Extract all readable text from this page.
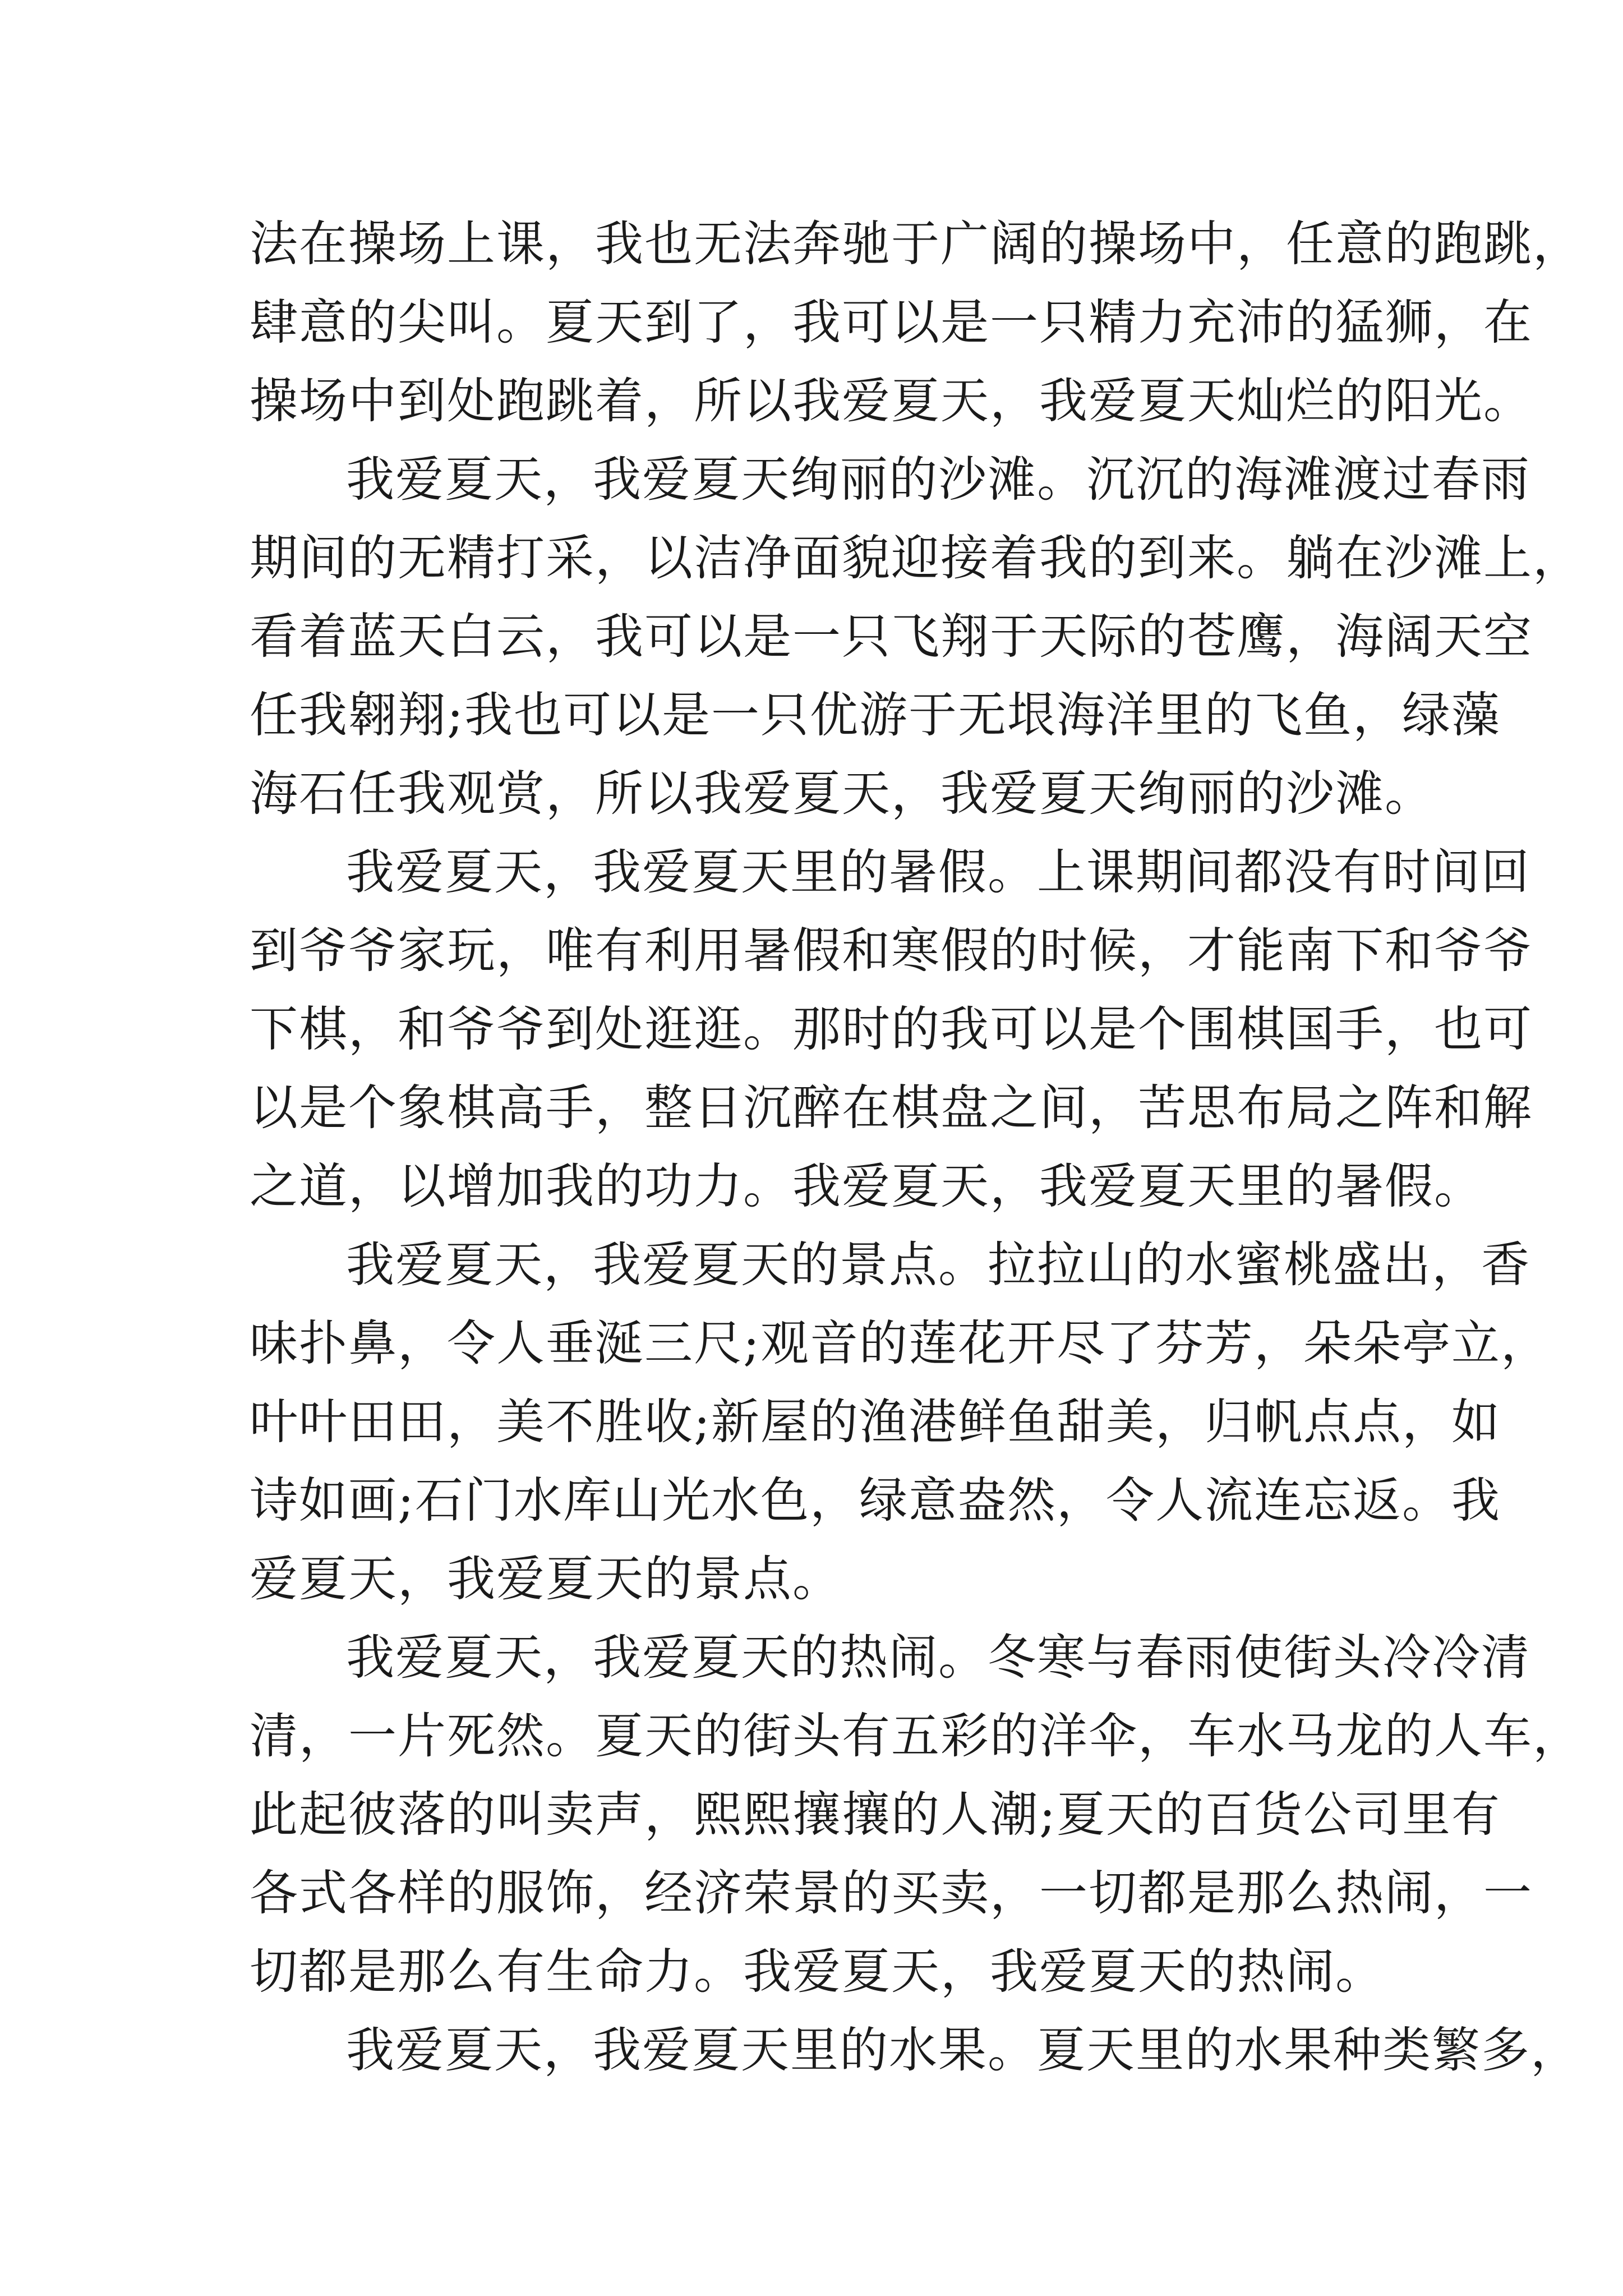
法在操场上课，我也无法奔驰于广阔的操场中，任意的跑跳，
肆意的尖叫。夏天到了，我可以是一只精力充沛的猛狮，在
操场中到处跑跳着，所以我爱夏天，我爱夏天灿烂的阳光。
我爱夏天，我爱夏天绚丽的沙滩。沉沉的海滩渡过春雨
期间的无精打采，以洁净面貌迎接着我的到来。躺在沙滩上，
看着蓝天白云，我可以是一只飞翔于天际的苍鹰，海阔天空
任我翱翔;我也可以是一只优游于无垠海洋里的飞鱼，绿藻
海石任我观赏，所以我爱夏天，我爱夏天绚丽的沙滩。
我爱夏天，我爱夏天里的暑假。上课期间都没有时间回
到爷爷家玩，唯有利用暑假和寒假的时候，才能南下和爷爷
下棋，和爷爷到处逛逛。那时的我可以是个围棋国手，也可
以是个象棋高手，整日沉醉在棋盘之间，苦思布局之阵和解
之道，以增加我的功力。我爱夏天，我爱夏天里的暑假。
我爱夏天，我爱夏天的景点。拉拉山的水蜜桃盛出，香
味扑鼻，令人垂涎三尺;观音的莲花开尽了芬芳，朵朵亭立，
叶叶田田，美不胜收;新屋的渔港鲜鱼甜美，归帆点点，如
诗如画;石门水库山光水色，绿意盎然，令人流连忘返。我
爱夏天，我爱夏天的景点。
我爱夏天，我爱夏天的热闹。冬寒与春雨使街头冷冷清
清，一片死然。夏天的街头有五彩的洋伞，车水马龙的人车，
此起彼落的叫卖声，熙熙攘攘的人潮;夏天的百货公司里有
各式各样的服饰，经济荣景的买卖，一切都是那么热闹，一
切都是那么有生命力。我爱夏天，我爱夏天的热闹。
我爱夏天，我爱夏天里的水果。夏天里的水果种类繁多，
